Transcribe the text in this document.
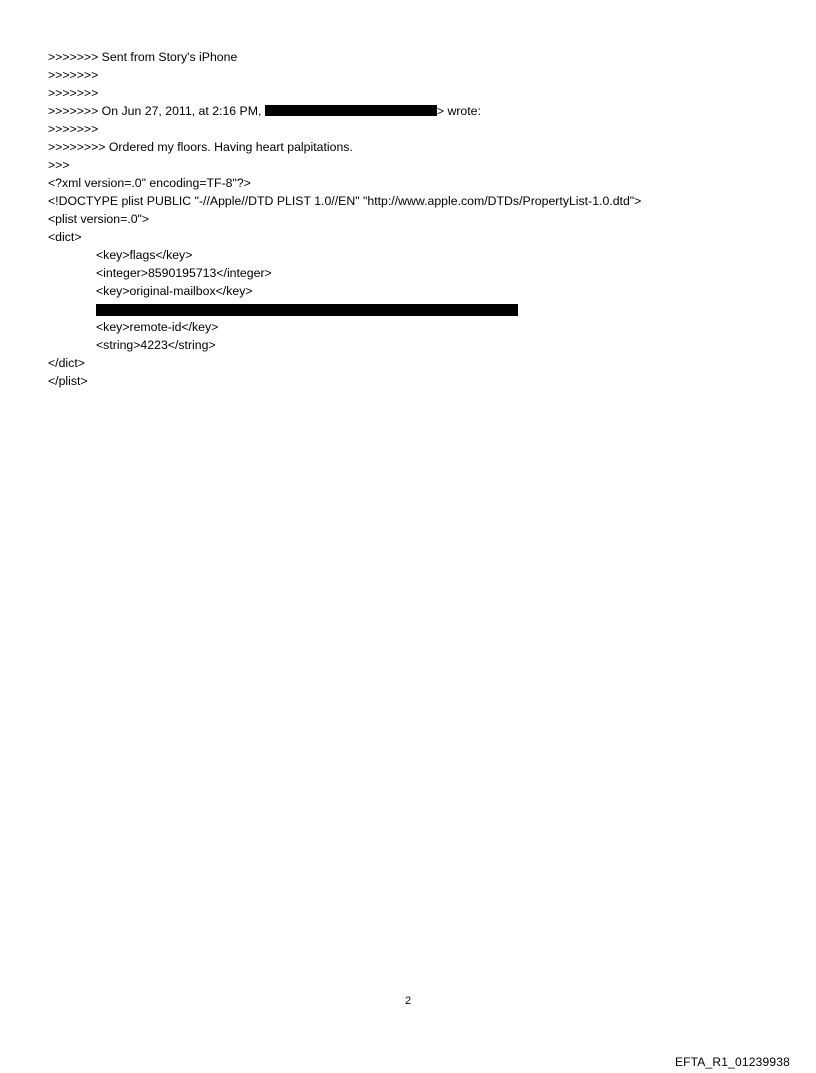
>>>>>>> Sent from Story's iPhone
>>>>>>>
>>>>>>>
>>>>>>> On Jun 27, 2011, at 2:16 PM,	> wrote:
>>>>>>>
>>>>>>>> Ordered my floors. Having heart palpitations.
>>>
<?xml version=.0" encoding=TF-8"?>
<!DOCTYPE plist PUBLIC "-//Apple//DTD PLIST 1.0//EN" "http://www.apple.com/DTDs/PropertyList-1.0.dtd">
<plist version=.0">
<dict>
<key>flags</key>
<integer>8590195713</integer>
<key>original-mailbox</key>
<key>remote-id</key>
<string>4223</string>
</dict>
</plist>
2
EFTA_R1_01239938
